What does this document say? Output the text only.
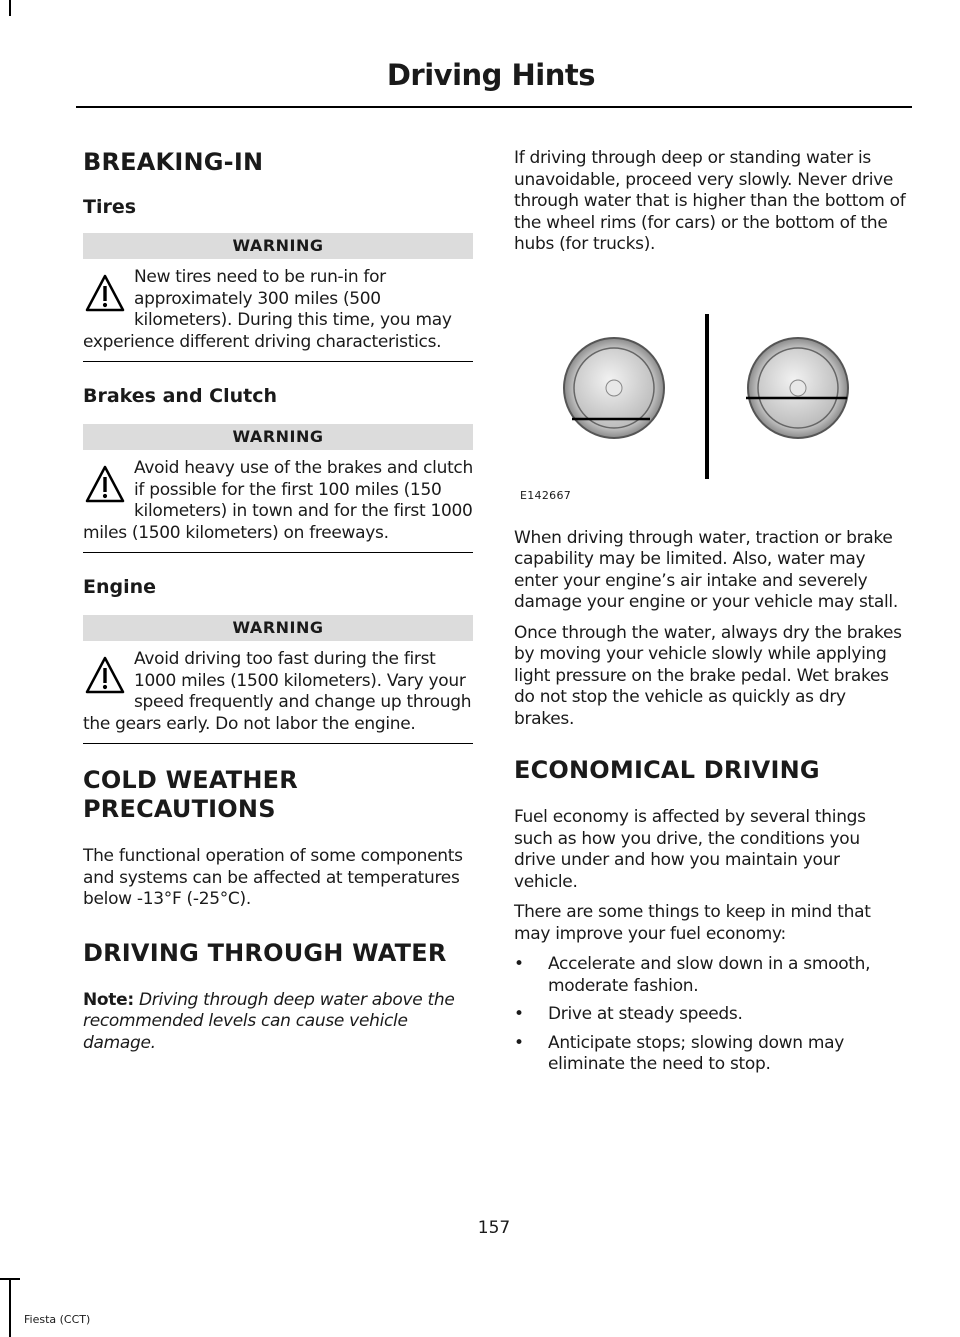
Driving Hints
BREAKING-IN
Tires
WARNING
New tires need to be run-in for approximately 300 miles (500 kilometers). During this time, you may experience different driving characteristics.
Brakes and Clutch
WARNING
Avoid heavy use of the brakes and clutch if possible for the first 100 miles (150 kilometers) in town and for the first 1000 miles (1500 kilometers) on freeways.
Engine
WARNING
Avoid driving too fast during the first 1000 miles (1500 kilometers). Vary your speed frequently and change up through the gears early. Do not labor the engine.
COLD WEATHER
PRECAUTIONS

The functional operation of some components and systems can be affected at temperatures below -13°F (-25°C).

DRIVING THROUGH WATER

Note: Driving through deep water above the recommended levels can cause vehicle damage.

If driving through deep or standing water is unavoidable, proceed very slowly. Never drive through water that is higher than the bottom of the wheel rims (for cars) or the bottom of the hubs (for trucks).

E142667

When driving through water, traction or brake capability may be limited. Also, water may enter your engine’s air intake and severely damage your engine or your vehicle may stall.

Once through the water, always dry the brakes by moving your vehicle slowly while applying light pressure on the brake pedal. Wet brakes do not stop the vehicle as quickly as dry brakes.

ECONOMICAL DRIVING

Fuel economy is affected by several things such as how you drive, the conditions you drive under and how you maintain your vehicle.

There are some things to keep in mind that may improve your fuel economy:

• Accelerate and slow down in a smooth, moderate fashion.
• Drive at steady speeds.
• Anticipate stops; slowing down may eliminate the need to stop.
157
Fiesta (CCT)
